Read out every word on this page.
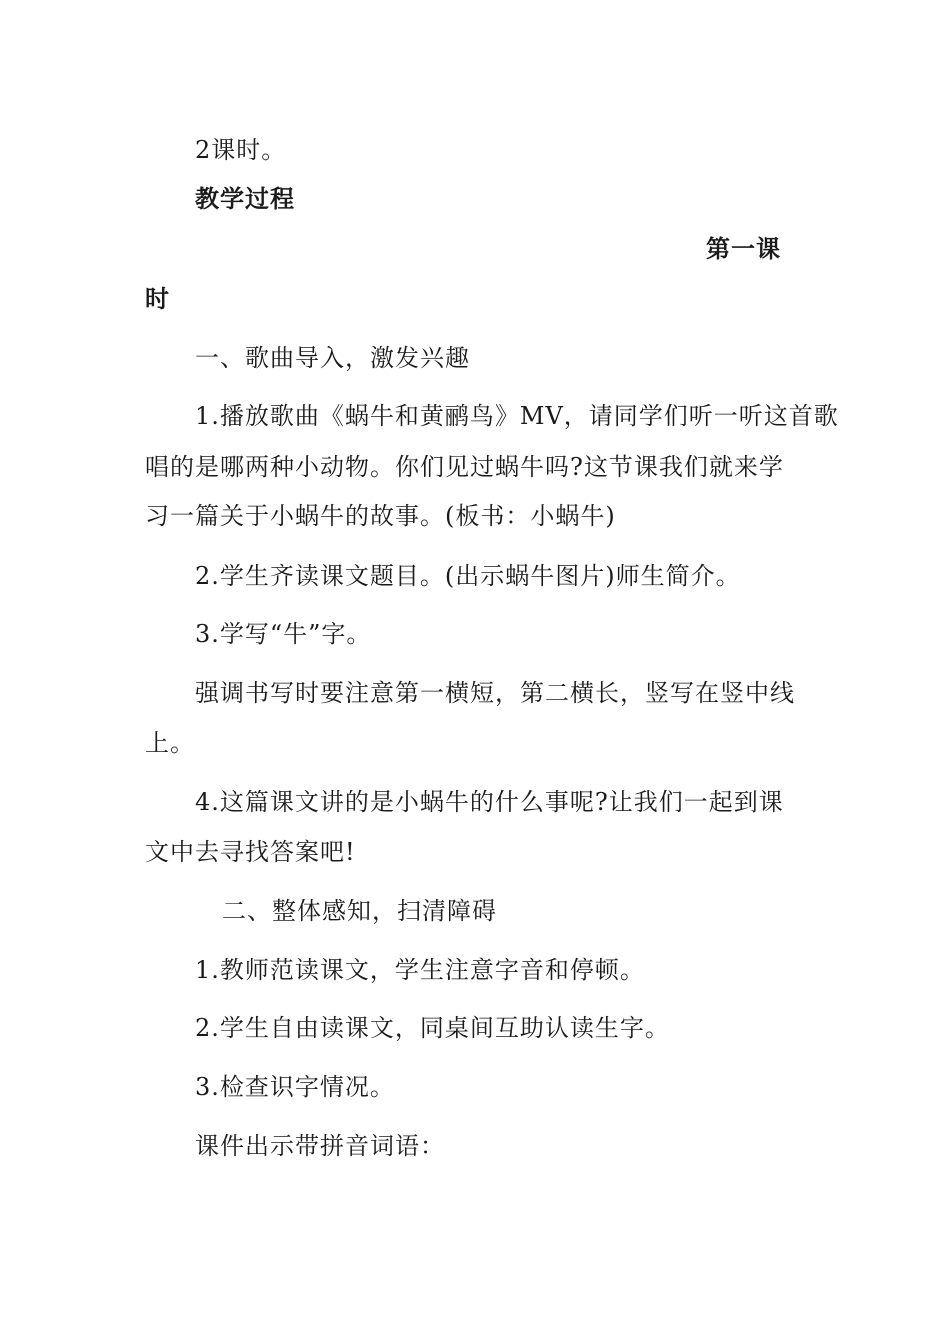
2课时。
教学过程
第一课
时
一、歌曲导入，激发兴趣
1.播放歌曲《蜗牛和黄鹂鸟》MV，请同学们听一听这首歌
唱的是哪两种小动物。你们见过蜗牛吗?这节课我们就来学
习一篇关于小蜗牛的故事。(板书：小蜗牛)
2.学生齐读课文题目。(出示蜗牛图片)师生简介。
3.学写“牛”字。
强调书写时要注意第一横短，第二横长，竖写在竖中线
上。
4.这篇课文讲的是小蜗牛的什么事呢?让我们一起到课
文中去寻找答案吧!
二、整体感知，扫清障碍
1.教师范读课文，学生注意字音和停顿。
2.学生自由读课文，同桌间互助认读生字。
3.检查识字情况。
课件出示带拼音词语：
